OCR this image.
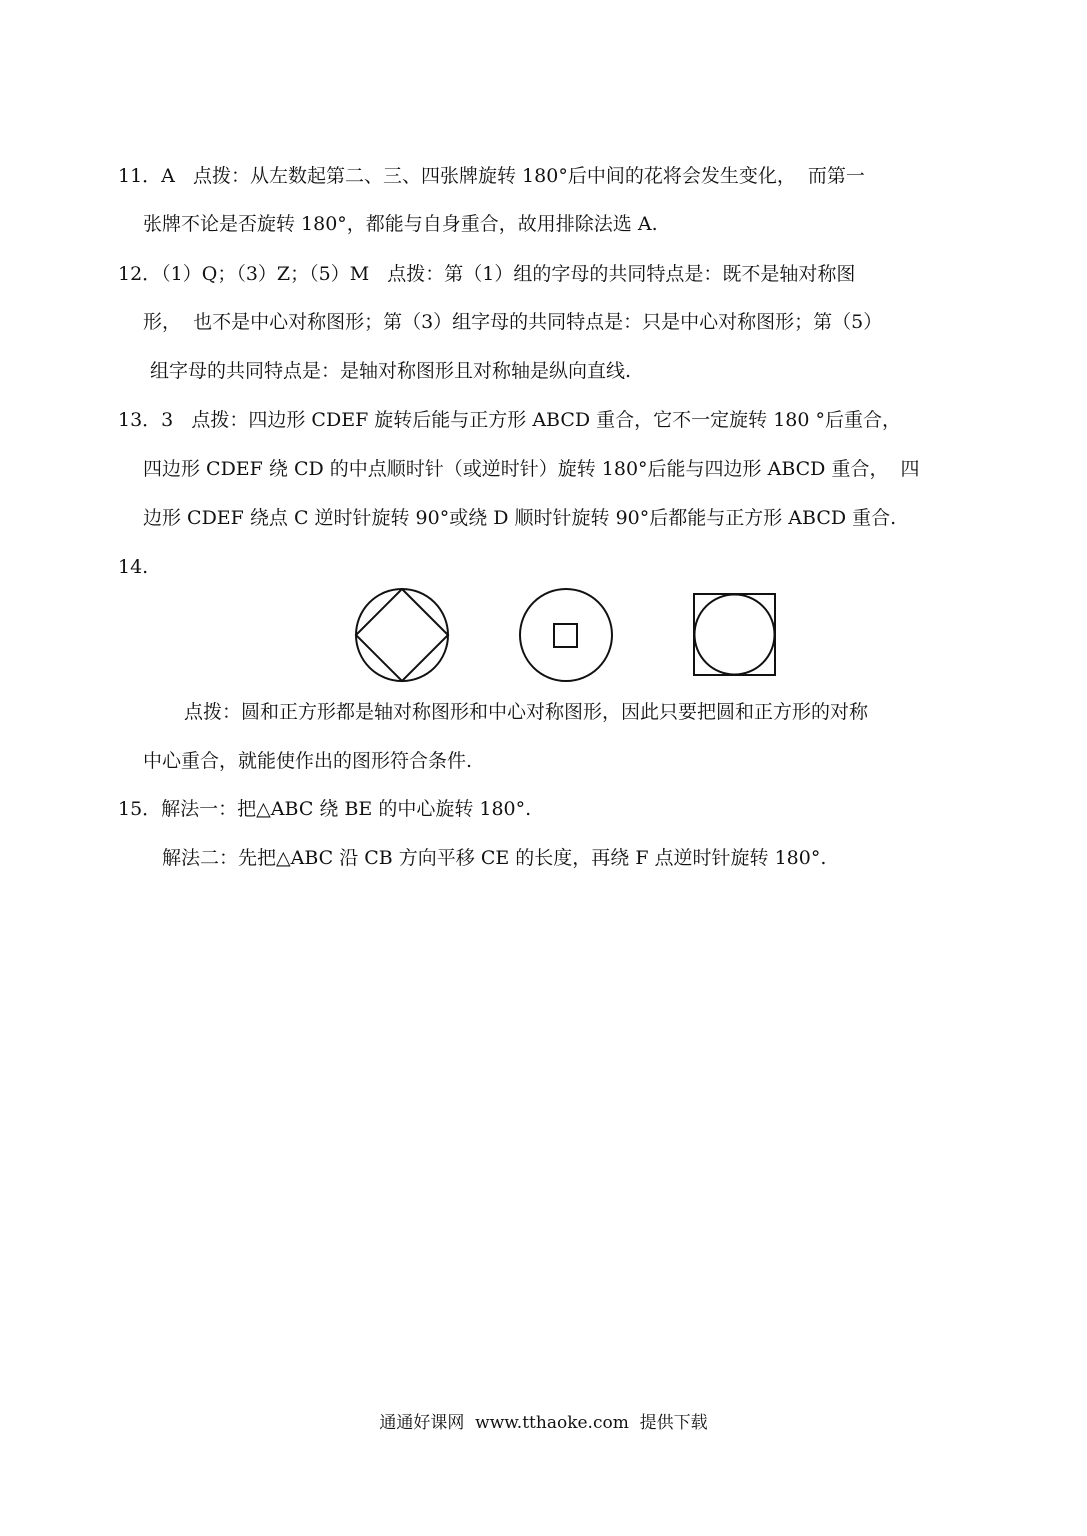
11．A   点拨：从左数起第二、三、四张牌旋转 180°后中间的花将会发生变化，  而第一
张牌不论是否旋转 180°，都能与自身重合，故用排除法选 A.
12．（1）Q；（3）Z；（5）M   点拨：第（1）组的字母的共同特点是：既不是轴对称图
形，  也不是中心对称图形；第（3）组字母的共同特点是：只是中心对称图形；第（5）
组字母的共同特点是：是轴对称图形且对称轴是纵向直线.
13．3   点拨：四边形 CDEF 旋转后能与正方形 ABCD 重合，它不一定旋转 180 °后重合，
四边形 CDEF 绕 CD 的中点顺时针（或逆时针）旋转 180°后能与四边形 ABCD 重合，  四
边形 CDEF 绕点 C 逆时针旋转 90°或绕 D 顺时针旋转 90°后都能与正方形 ABCD 重合.
14.
点拨：圆和正方形都是轴对称图形和中心对称图形，因此只要把圆和正方形的对称
中心重合，就能使作出的图形符合条件.
15．解法一：把△ABC 绕 BE 的中心旋转 180°.
解法二：先把△ABC 沿 CB 方向平移 CE 的长度，再绕 F 点逆时针旋转 180°.
通通好课网  www.tthaoke.com  提供下载
